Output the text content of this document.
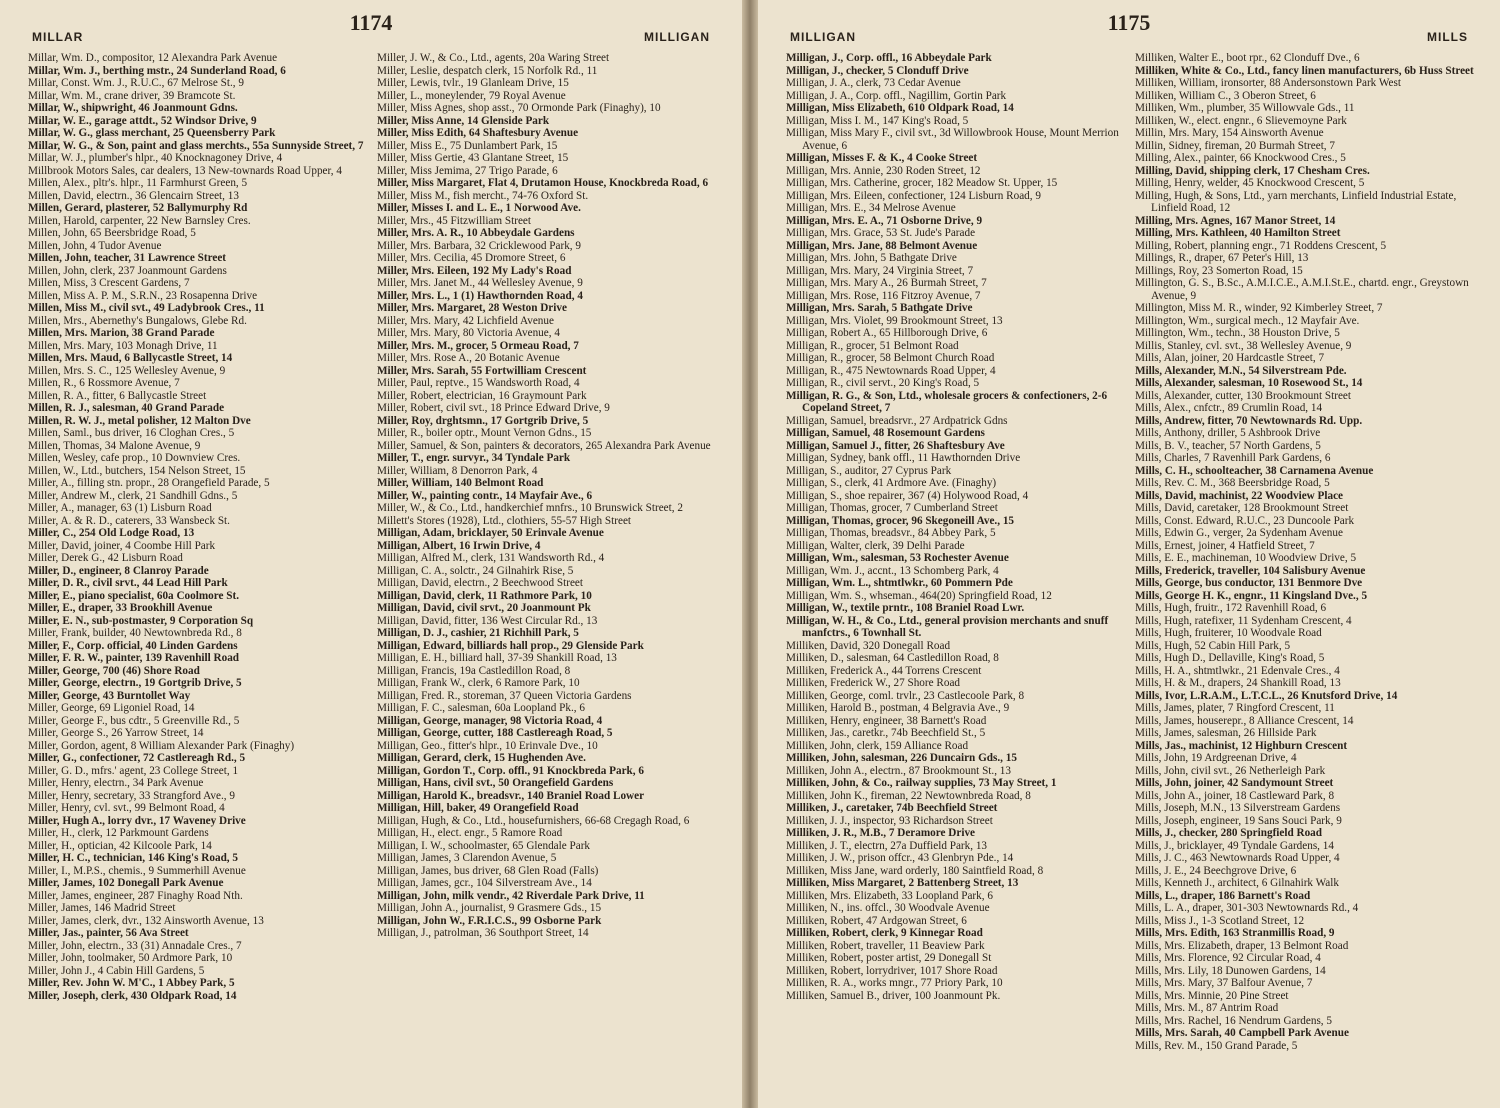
MILLAR
1174
MILLIGAN
Millar, Wm. D., compositor, 12 Alexandra Park Avenue
Millar, Wm. J., berthing mstr., 24 Sunderland Road, 6
Millar, Const. Wm. J., R.U.C., 67 Melrose St., 9
Millar, Wm. M., crane driver, 39 Bramcote St.
Millar, W., shipwright, 46 Joanmount Gdns.
Millar, W. E., garage attdt., 52 Windsor Drive, 9
Millar, W. G., glass merchant, 25 Queensberry Park
Millar, W. G., & Son, paint and glass merchts., 55a Sunnyside Street, 7
Millar, W. J., plumber's hlpr., 40 Knocknagoney Drive, 4
Millbrook Motors Sales, car dealers, 13 New-townards Road Upper, 4
Millen, Alex., pltr's. hlpr., 11 Farmhurst Green, 5
Millen, David, electrn., 36 Glencairn Street, 13
Millen, Gerard, plasterer, 52 Ballymurphy Rd
Millen, Harold, carpenter, 22 New Barnsley Cres.
Millen, John, 65 Beersbridge Road, 5
Millen, John, 4 Tudor Avenue
Millen, John, teacher, 31 Lawrence Street
Millen, John, clerk, 237 Joanmount Gardens
Millen, Miss, 3 Crescent Gardens, 7
Millen, Miss A. P. M., S.R.N., 23 Rosapenna Drive
Millen, Miss M., civil svt., 49 Ladybrook Cres., 11
Millen, Mrs., Abernethy's Bungalows, Glebe Rd.
Millen, Mrs. Marion, 38 Grand Parade
Millen, Mrs. Mary, 103 Monagh Drive, 11
Millen, Mrs. Maud, 6 Ballycastle Street, 14
Millen, Mrs. S. C., 125 Wellesley Avenue, 9
Millen, R., 6 Rossmore Avenue, 7
Millen, R. A., fitter, 6 Ballycastle Street
Millen, R. J., salesman, 40 Grand Parade
Millen, R. W. J., metal polisher, 12 Malton Dve
Millen, Saml., bus driver, 16 Cloghan Cres., 5
Millen, Thomas, 34 Malone Avenue, 9
Millen, Wesley, cafe prop., 10 Downview Cres.
Millen, W., Ltd., butchers, 154 Nelson Street, 15
Miller, A., filling stn. propr., 28 Orangefield Parade, 5
Miller, Andrew M., clerk, 21 Sandhill Gdns., 5
Miller, A., manager, 63 (1) Lisburn Road
Miller, A. & R. D., caterers, 33 Wansbeck St.
Miller, C., 254 Old Lodge Road, 13
Miller, David, joiner, 4 Coombe Hill Park
Miller, Derek G., 42 Lisburn Road
Miller, D., engineer, 8 Clanroy Parade
Miller, D. R., civil srvt., 44 Lead Hill Park
Miller, E., piano specialist, 60a Coolmore St.
Miller, E., draper, 33 Brookhill Avenue
Miller, E. N., sub-postmaster, 9 Corporation Sq
Miller, Frank, builder, 40 Newtownbreda Rd., 8
Miller, F., Corp. official, 40 Linden Gardens
Miller, F. R. W., painter, 139 Ravenhill Road
Miller, George, 700 (46) Shore Road
Miller, George, electrn., 19 Gortgrib Drive, 5
Miller, George, 43 Burntollet Way
Miller, George, 69 Ligoniel Road, 14
Miller, George F., bus cdtr., 5 Greenville Rd., 5
Miller, George S., 26 Yarrow Street, 14
Miller, Gordon, agent, 8 William Alexander Park (Finaghy)
Miller, G., confectioner, 72 Castlereagh Rd., 5
Miller, G. D., mfrs.' agent, 23 College Street, 1
Miller, Henry, electrn., 34 Park Avenue
Miller, Henry, secretary, 33 Strangford Ave., 9
Miller, Henry, cvl. svt., 99 Belmont Road, 4
Miller, Hugh A., lorry dvr., 17 Waveney Drive
Miller, H., clerk, 12 Parkmount Gardens
Miller, H., optician, 42 Kilcoole Park, 14
Miller, H. C., technician, 146 King's Road, 5
Miller, I., M.P.S., chemis., 9 Summerhill Avenue
Miller, James, 102 Donegall Park Avenue
Miller, James, engineer, 287 Finaghy Road Nth.
Miller, James, 146 Madrid Street
Miller, James, clerk, dvr., 132 Ainsworth Avenue, 13
Miller, Jas., painter, 56 Ava Street
Miller, John, electrn., 33 (31) Annadale Cres., 7
Miller, John, toolmaker, 50 Ardmore Park, 10
Miller, John J., 4 Cabin Hill Gardens, 5
Miller, Rev. John W. M'C., 1 Abbey Park, 5
Miller, Joseph, clerk, 430 Oldpark Road, 14
Miller, J. W., & Co., Ltd., agents, 20a Waring Street
Miller, Leslie, despatch clerk, 15 Norfolk Rd., 11
Miller, Lewis, tvlr., 19 Glanleam Drive, 15
Miller, L., moneylender, 79 Royal Avenue
Miller, Miss Agnes, shop asst., 70 Ormonde Park (Finaghy), 10
Miller, Miss Anne, 14 Glenside Park
Miller, Miss Edith, 64 Shaftesbury Avenue
Miller, Miss E., 75 Dunlambert Park, 15
Miller, Miss Gertie, 43 Glantane Street, 15
Miller, Miss Jemima, 27 Trigo Parade, 6
Miller, Miss Margaret, Flat 4, Drutamon House, Knockbreda Road, 6
Miller, Miss M., fish mercht., 74-76 Oxford St.
Miller, Misses I. and L. E., 1 Norwood Ave.
Miller, Mrs., 45 Fitzwilliam Street
Miller, Mrs. A. R., 10 Abbeydale Gardens
Miller, Mrs. Barbara, 32 Cricklewood Park, 9
Miller, Mrs. Cecilia, 45 Dromore Street, 6
Miller, Mrs. Eileen, 192 My Lady's Road
Miller, Mrs. Janet M., 44 Wellesley Avenue, 9
Miller, Mrs. L., 1 (1) Hawthornden Road, 4
Miller, Mrs. Margaret, 28 Weston Drive
Miller, Mrs. Mary, 42 Lichfield Avenue
Miller, Mrs. Mary, 80 Victoria Avenue, 4
Miller, Mrs. M., grocer, 5 Ormeau Road, 7
Miller, Mrs. Rose A., 20 Botanic Avenue
Miller, Mrs. Sarah, 55 Fortwilliam Crescent
Miller, Paul, reptve., 15 Wandsworth Road, 4
Miller, Robert, electrician, 16 Graymount Park
Miller, Robert, civil svt., 18 Prince Edward Drive, 9
Miller, Roy, drghtsmn., 17 Gortgrib Drive, 5
Miller, R., boiler optr., Mount Vernon Gdns., 15
Miller, Samuel, & Son, painters & decorators, 265 Alexandra Park Avenue
Miller, T., engr. survyr., 34 Tyndale Park
Miller, William, 8 Denorron Park, 4
Miller, William, 140 Belmont Road
Miller, W., painting contr., 14 Mayfair Ave., 6
Miller, W., & Co., Ltd., handkerchief mnfrs., 10 Brunswick Street, 2
Millett's Stores (1928), Ltd., clothiers, 55-57 High Street
Milligan, Adam, bricklayer, 50 Erinvale Avenue
Milligan, Albert, 16 Irwin Drive, 4
Milligan, Alfred M., clerk, 131 Wandsworth Rd., 4
Milligan, C. A., solctr., 24 Gilnahirk Rise, 5
Milligan, David, electrn., 2 Beechwood Street
Milligan, David, clerk, 11 Rathmore Park, 10
Milligan, David, civil srvt., 20 Joanmount Pk
Milligan, David, fitter, 136 West Circular Rd., 13
Milligan, D. J., cashier, 21 Richhill Park, 5
Milligan, Edward, billiards hall prop., 29 Glenside Park
Milligan, E. H., billiard hall, 37-39 Shankill Road, 13
Milligan, Francis, 19a Castledillon Road, 8
Milligan, Frank W., clerk, 6 Ramore Park, 10
Milligan, Fred. R., storeman, 37 Queen Victoria Gardens
Milligan, F. C., salesman, 60a Loopland Pk., 6
Milligan, George, manager, 98 Victoria Road, 4
Milligan, George, cutter, 188 Castlereagh Road, 5
Milligan, Geo., fitter's hlpr., 10 Erinvale Dve., 10
Milligan, Gerard, clerk, 15 Hughenden Ave.
Milligan, Gordon T., Corp. offl., 91 Knockbreda Park, 6
Milligan, Hans, civil svt., 50 Orangefield Gardens
Milligan, Harold K., breadsvr., 140 Braniel Road Lower
Milligan, Hill, baker, 49 Orangefield Road
Milligan, Hugh, & Co., Ltd., housefurnishers, 66-68 Cregagh Road, 6
Milligan, H., elect. engr., 5 Ramore Road
Milligan, I. W., schoolmaster, 65 Glendale Park
Milligan, James, 3 Clarendon Avenue, 5
Milligan, James, bus driver, 68 Glen Road (Falls)
Milligan, James, gcr., 104 Silverstream Ave., 14
Milligan, John, milk vendr., 42 Riverdale Park Drive, 11
Milligan, John A., journalist, 9 Grasmere Gds., 15
Milligan, John W., F.R.I.C.S., 99 Osborne Park
Milligan, J., patrolman, 36 Southport Street, 14
MILLIGAN
1175
MILLS
Milligan, J., Corp. offl., 16 Abbeydale Park
Milligan, J., checker, 5 Clonduff Drive
Milligan, J. A., clerk, 73 Cedar Avenue
Milligan, J. A., Corp. offl., Nagillim, Gortin Park
Milligan, Miss Elizabeth, 610 Oldpark Road, 14
Milligan, Miss I. M., 147 King's Road, 5
Milligan, Miss Mary F., civil svt., 3d Willowbrook House, Mount Merrion Avenue, 6
Milligan, Misses F. & K., 4 Cooke Street
Milligan, Mrs. Annie, 230 Roden Street, 12
Milligan, Mrs. Catherine, grocer, 182 Meadow St. Upper, 15
Milligan, Mrs. Eileen, confectioner, 124 Lisburn Road, 9
Milligan, Mrs. E., 34 Melrose Avenue
Milligan, Mrs. E. A., 71 Osborne Drive, 9
Milligan, Mrs. Grace, 53 St. Jude's Parade
Milligan, Mrs. Jane, 88 Belmont Avenue
Milligan, Mrs. John, 5 Bathgate Drive
Milligan, Mrs. Mary, 24 Virginia Street, 7
Milligan, Mrs. Mary A., 26 Burmah Street, 7
Milligan, Mrs. Rose, 116 Fitzroy Avenue, 7
Milligan, Mrs. Sarah, 5 Bathgate Drive
Milligan, Mrs. Violet, 99 Brookmount Street, 13
Milligan, Robert A., 65 Hillborough Drive, 6
Milligan, R., grocer, 51 Belmont Road
Milligan, R., grocer, 58 Belmont Church Road
Milligan, R., 475 Newtownards Road Upper, 4
Milligan, R., civil servt., 20 King's Road, 5
Milligan, R. G., & Son, Ltd., wholesale grocers & confectioners, 2-6 Copeland Street, 7
Milligan, Samuel, breadsrvr., 27 Ardpatrick Gdns
Milligan, Samuel, 48 Rosemount Gardens
Milligan, Samuel J., fitter, 26 Shaftesbury Ave
Milligan, Sydney, bank offl., 11 Hawthornden Drive
Milligan, S., auditor, 27 Cyprus Park
Milligan, S., clerk, 41 Ardmore Ave. (Finaghy)
Milligan, S., shoe repairer, 367 (4) Holywood Road, 4
Milligan, Thomas, grocer, 7 Cumberland Street
Milligan, Thomas, grocer, 96 Skegoneill Ave., 15
Milligan, Thomas, breadsvr., 84 Abbey Park, 5
Milligan, Walter, clerk, 39 Delhi Parade
Milligan, Wm., salesman, 53 Rochester Avenue
Milligan, Wm. J., accnt., 13 Schomberg Park, 4
Milligan, Wm. L., shtmtlwkr., 60 Pommern Pde
Milligan, Wm. S., whseman., 464(20) Springfield Road, 12
Milligan, W., textile prntr., 108 Braniel Road Lwr.
Milligan, W. H., & Co., Ltd., general provision merchants and snuff manfctrs., 6 Townhall St.
Milliken, David, 320 Donegall Road
Milliken, D., salesman, 64 Castledillon Road, 8
Milliken, Frederick A., 44 Torrens Crescent
Milliken, Frederick W., 27 Shore Road
Milliken, George, coml. trvlr., 23 Castlecoole Park, 8
Milliken, Harold B., postman, 4 Belgravia Ave., 9
Milliken, Henry, engineer, 38 Barnett's Road
Milliken, Jas., caretkr., 74b Beechfield St., 5
Milliken, John, clerk, 159 Alliance Road
Milliken, John, salesman, 226 Duncairn Gds., 15
Milliken, John A., electrn., 87 Brookmount St., 13
Milliken, John, & Co., railway supplies, 73 May Street, 1
Milliken, John K., fireman, 22 Newtownbreda Road, 8
Milliken, J., caretaker, 74b Beechfield Street
Milliken, J. J., inspector, 93 Richardson Street
Milliken, J. R., M.B., 7 Deramore Drive
Milliken, J. T., electrn, 27a Duffield Park, 13
Milliken, J. W., prison offcr., 43 Glenbryn Pde., 14
Milliken, Miss Jane, ward orderly, 180 Saintfield Road, 8
Milliken, Miss Margaret, 2 Battenberg Street, 13
Milliken, Mrs. Elizabeth, 33 Loopland Park, 6
Milliken, N., ins. offcl., 30 Woodvale Avenue
Milliken, Robert, 47 Ardgowan Street, 6
Milliken, Robert, clerk, 9 Kinnegar Road
Milliken, Robert, traveller, 11 Beaview Park
Milliken, Robert, poster artist, 29 Donegall St
Milliken, Robert, lorrydriver, 1017 Shore Road
Milliken, R. A., works mngr., 77 Priory Park, 10
Milliken, Samuel B., driver, 100 Joanmount Pk.
Milliken, Walter E., boot rpr., 62 Clonduff Dve., 6
Milliken, White & Co., Ltd., fancy linen manufacturers, 6b Huss Street
Milliken, William, ironsorter, 88 Andersonstown Park West
Milliken, William C., 3 Oberon Street, 6
Milliken, Wm., plumber, 35 Willowvale Gds., 11
Milliken, W., elect. engnr., 6 Slievemoyne Park
Millin, Mrs. Mary, 154 Ainsworth Avenue
Millin, Sidney, fireman, 20 Burmah Street, 7
Milling, Alex., painter, 66 Knockwood Cres., 5
Milling, David, shipping clerk, 17 Chesham Cres.
Milling, Henry, welder, 45 Knockwood Crescent, 5
Milling, Hugh, & Sons, Ltd., yarn merchants, Linfield Industrial Estate, Linfield Road, 12
Milling, Mrs. Agnes, 167 Manor Street, 14
Milling, Mrs. Kathleen, 40 Hamilton Street
Milling, Robert, planning engr., 71 Roddens Crescent, 5
Millings, R., draper, 67 Peter's Hill, 13
Millings, Roy, 23 Somerton Road, 15
Millington, G. S., B.Sc., A.M.I.C.E., A.M.I.St.E., chartd. engr., Greystown Avenue, 9
Millington, Miss M. R., winder, 92 Kimberley Street, 7
Millington, Wm., surgical mech., 12 Mayfair Ave.
Millington, Wm., techn., 38 Houston Drive, 5
Millis, Stanley, cvl. svt., 38 Wellesley Avenue, 9
Mills, Alan, joiner, 20 Hardcastle Street, 7
Mills, Alexander, M.N., 54 Silverstream Pde.
Mills, Alexander, salesman, 10 Rosewood St., 14
Mills, Alexander, cutter, 130 Brookmount Street
Mills, Alex., cnfctr., 89 Crumlin Road, 14
Mills, Andrew, fitter, 70 Newtownards Rd. Upp.
Mills, Anthony, driller, 5 Ashbrook Drive
Mills, B. V., teacher, 57 North Gardens, 5
Mills, Charles, 7 Ravenhill Park Gardens, 6
Mills, C. H., schoolteacher, 38 Carnamena Avenue
Mills, Rev. C. M., 368 Beersbridge Road, 5
Mills, David, machinist, 22 Woodview Place
Mills, David, caretaker, 128 Brookmount Street
Mills, Const. Edward, R.U.C., 23 Duncoole Park
Mills, Edwin G., verger, 2a Sydenham Avenue
Mills, Ernest, joiner, 4 Hatfield Street, 7
Mills, E. E., machineman, 10 Woodview Drive, 5
Mills, Frederick, traveller, 104 Salisbury Avenue
Mills, George, bus conductor, 131 Benmore Dve
Mills, George H. K., engnr., 11 Kingsland Dve., 5
Mills, Hugh, fruitr., 172 Ravenhill Road, 6
Mills, Hugh, ratefixer, 11 Sydenham Crescent, 4
Mills, Hugh, fruiterer, 10 Woodvale Road
Mills, Hugh, 52 Cabin Hill Park, 5
Mills, Hugh D., Dellaville, King's Road, 5
Mills, H. A., shtmtlwkr., 21 Edenvale Cres., 4
Mills, H. & M., drapers, 24 Shankill Road, 13
Mills, Ivor, L.R.A.M., L.T.C.L., 26 Knutsford Drive, 14
Mills, James, plater, 7 Ringford Crescent, 11
Mills, James, houserepr., 8 Alliance Crescent, 14
Mills, James, salesman, 26 Hillside Park
Mills, Jas., machinist, 12 Highburn Crescent
Mills, John, 19 Ardgreenan Drive, 4
Mills, John, civil svt., 26 Netherleigh Park
Mills, John, joiner, 42 Sandymount Street
Mills, John A., joiner, 18 Castleward Park, 8
Mills, Joseph, M.N., 13 Silverstream Gardens
Mills, Joseph, engineer, 19 Sans Souci Park, 9
Mills, J., checker, 280 Springfield Road
Mills, J., bricklayer, 49 Tyndale Gardens, 14
Mills, J. C., 463 Newtownards Road Upper, 4
Mills, J. E., 24 Beechgrove Drive, 6
Mills, Kenneth J., architect, 6 Gilnahirk Walk
Mills, L., draper, 186 Barnett's Road
Mills, L. A., draper, 301-303 Newtownards Rd., 4
Mills, Miss J., 1-3 Scotland Street, 12
Mills, Mrs. Edith, 163 Stranmillis Road, 9
Mills, Mrs. Elizabeth, draper, 13 Belmont Road
Mills, Mrs. Florence, 92 Circular Road, 4
Mills, Mrs. Lily, 18 Dunowen Gardens, 14
Mills, Mrs. Mary, 37 Balfour Avenue, 7
Mills, Mrs. Minnie, 20 Pine Street
Mills, Mrs. M., 87 Antrim Road
Mills, Mrs. Rachel, 16 Nendrum Gardens, 5
Mills, Mrs. Sarah, 40 Campbell Park Avenue
Mills, Rev. M., 150 Grand Parade, 5
